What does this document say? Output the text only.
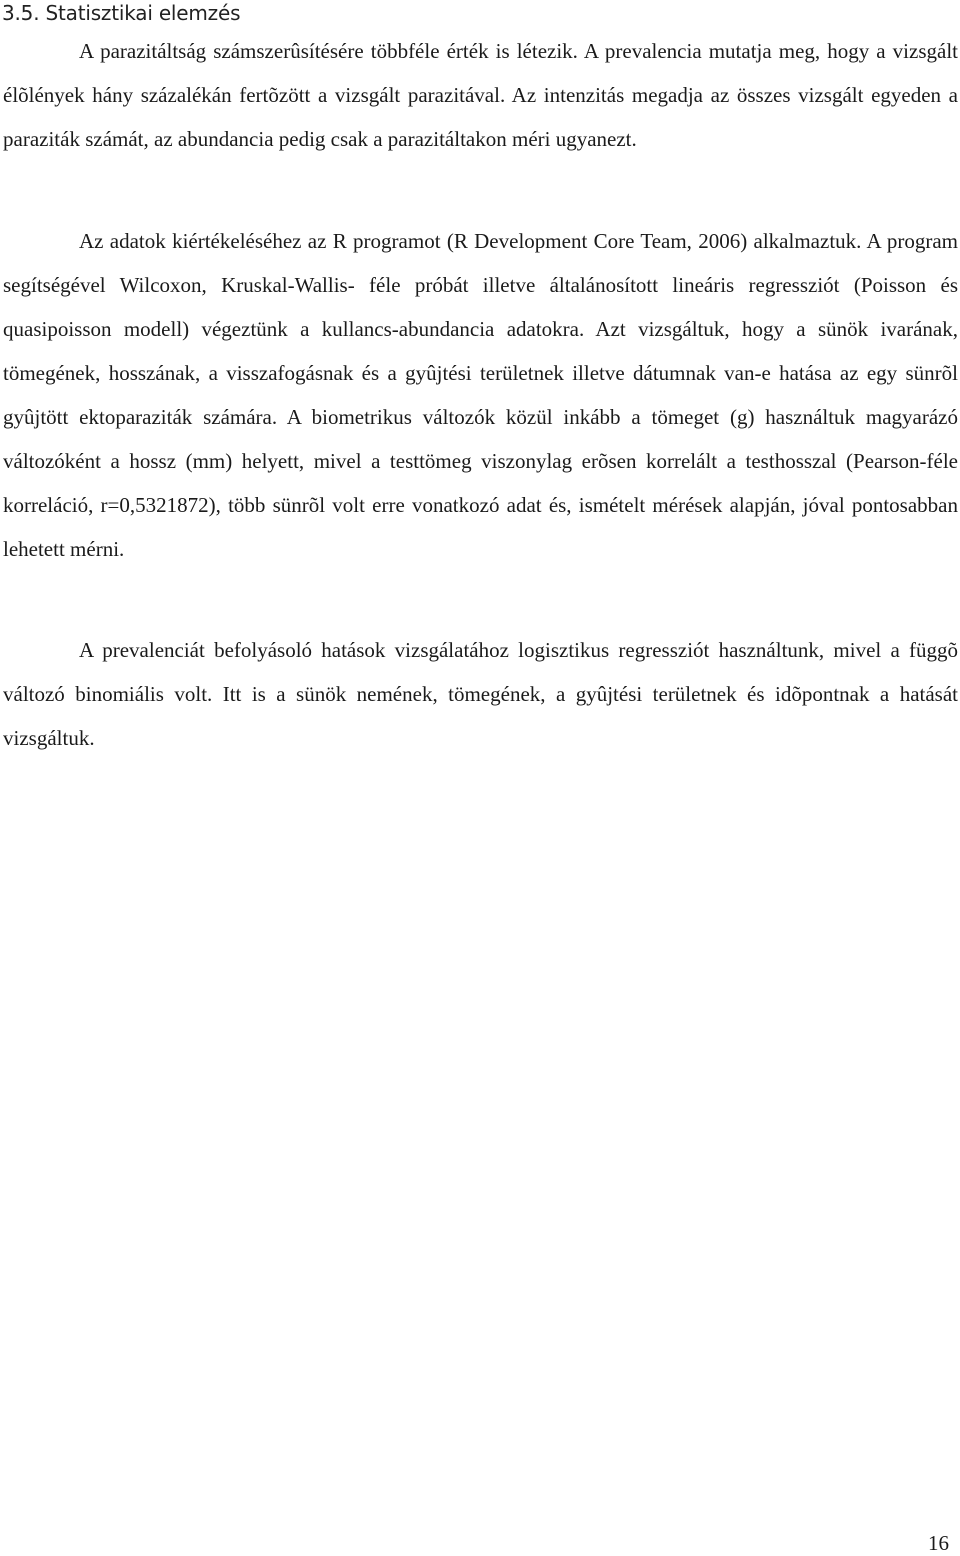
3.5. Statisztikai elemzés

A parazitáltság számszerûsítésére többféle érték is létezik. A prevalencia mutatja meg, hogy a vizsgált élõlények hány százalékán fertõzött a vizsgált parazitával. Az intenzitás megadja az összes vizsgált egyeden a paraziták számát, az abundancia pedig csak a parazitáltakon méri ugyanezt.

Az adatok kiértékeléséhez az R programot (R Development Core Team, 2006) alkalmaztuk. A program segítségével Wilcoxon, Kruskal-Wallis- féle próbát illetve általánosított lineáris regressziót (Poisson és quasipoisson modell) végeztünk a kullancs-abundancia adatokra. Azt vizsgáltuk, hogy a sünök ivarának, tömegének, hosszának, a visszafogásnak és a gyûjtési területnek illetve dátumnak van-e hatása az egy sünrõl gyûjtött ektoparaziták számára. A biometrikus változók közül inkább a tömeget (g) használtuk magyarázó változóként a hossz (mm) helyett, mivel a testtömeg viszonylag erõsen korrelált a testhosszal (Pearson-féle korreláció, r=0,5321872), több sünrõl volt erre vonatkozó adat és, ismételt mérések alapján, jóval pontosabban lehetett mérni.

A prevalenciát befolyásoló hatások vizsgálatához logisztikus regressziót használtunk, mivel a függõ változó binomiális volt. Itt is a sünök nemének, tömegének, a gyûjtési területnek és idõpontnak a hatását vizsgáltuk.

16
